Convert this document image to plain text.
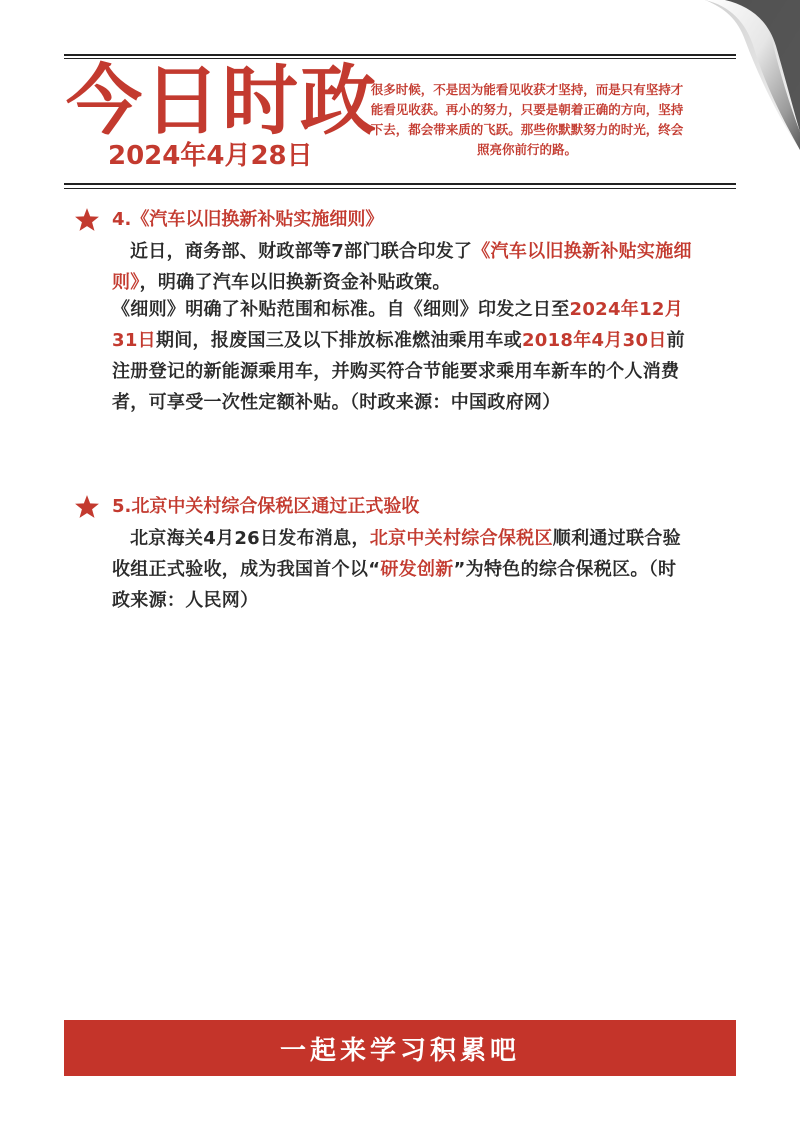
今日时政
2024年4月28日
很多时候，不是因为能看见收获才坚持，而是只有坚持才能看见收获。再小的努力，只要是朝着正确的方向，坚持下去，都会带来质的飞跃。那些你默默努力的时光，终会照亮你前行的路。
4.《汽车以旧换新补贴实施细则》
近日，商务部、财政部等7部门联合印发了《汽车以旧换新补贴实施细则》，明确了汽车以旧换新资金补贴政策。
《细则》明确了补贴范围和标准。自《细则》印发之日至2024年12月31日期间，报废国三及以下排放标准燃油乘用车或2018年4月30日前注册登记的新能源乘用车，并购买符合节能要求乘用车新车的个人消费者，可享受一次性定额补贴。（时政来源：中国政府网）
5.北京中关村综合保税区通过正式验收
北京海关4月26日发布消息，北京中关村综合保税区顺利通过联合验收组正式验收，成为我国首个以“研发创新”为特色的综合保税区。（时政来源：人民网）
一起来学习积累吧
